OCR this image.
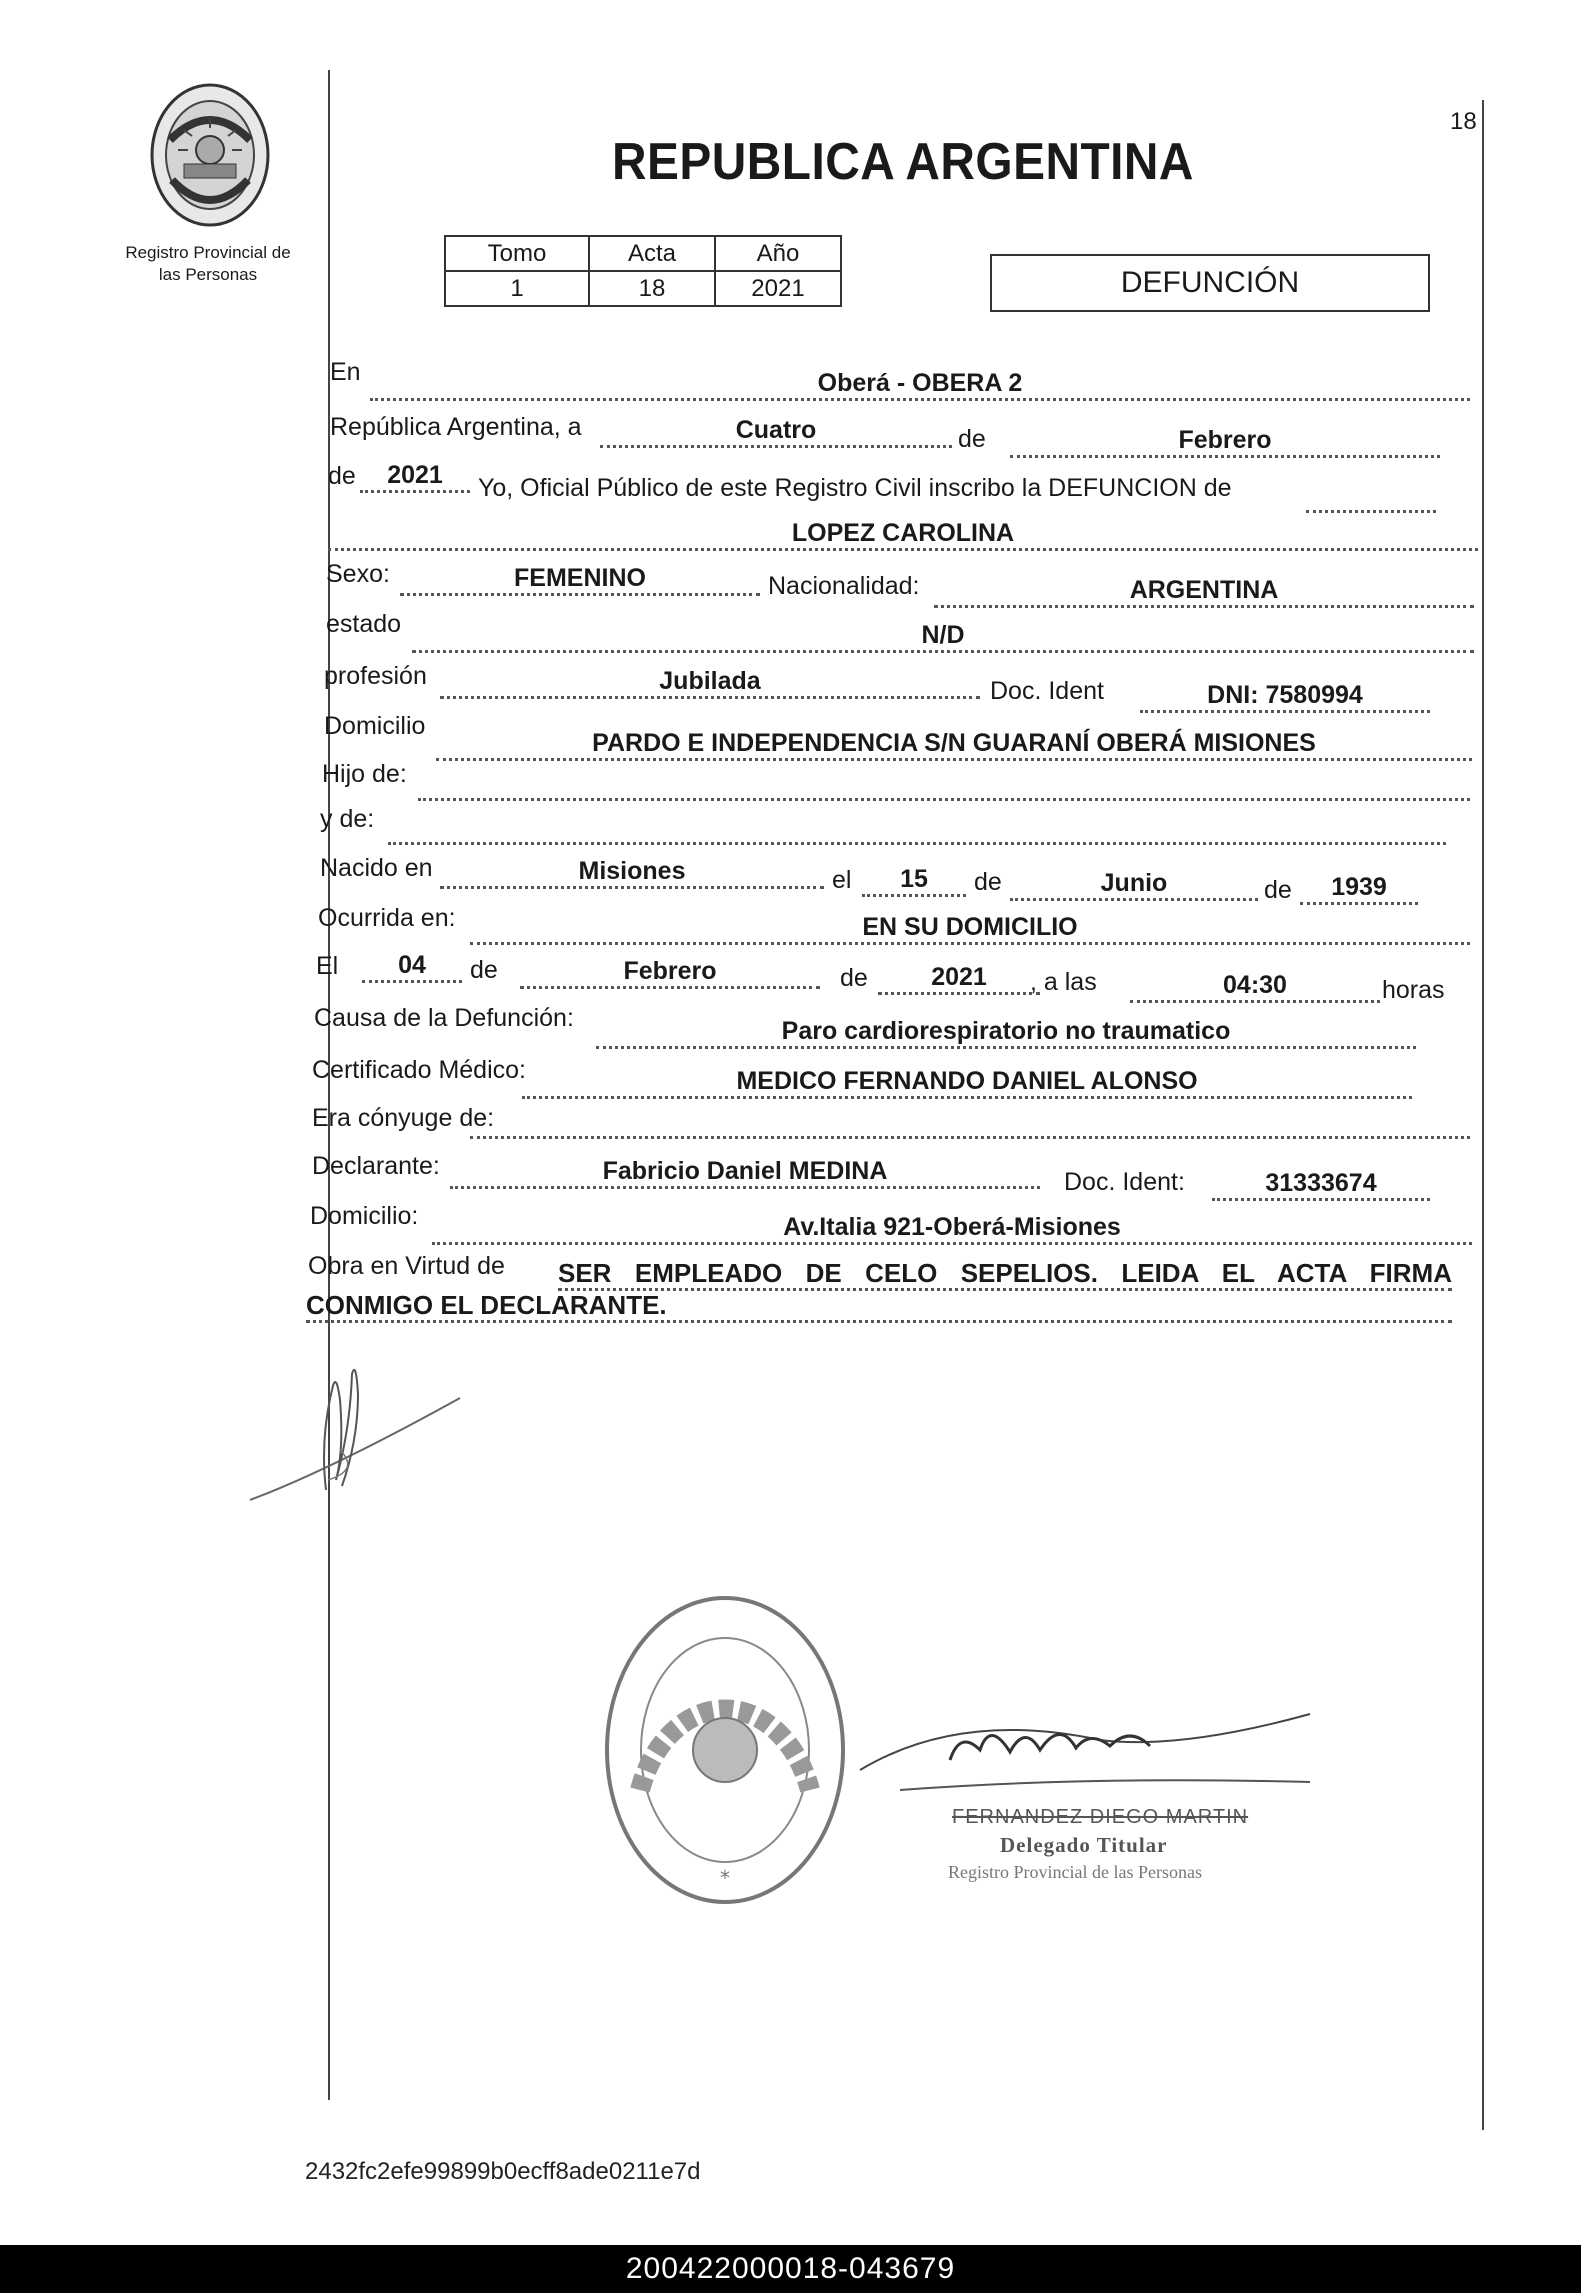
18
Registro Provincial de
las Personas
REPUBLICA ARGENTINA
Tomo	Acta	Año
1	18	2021	DEFUNCIÓN
En	Oberá - OBERA 2
República Argentina, a	Cuatro	de	Febrero
de	2021	Yo, Oficial Público de este Registro Civil inscribo la DEFUNCION de
LOPEZ CAROLINA
Sexo:	FEMENINO	Nacionalidad:	ARGENTINA
estado	N/D
profesión	Jubilada	Doc. Ident	DNI: 7580994
Domicilio
PARDO E INDEPENDENCIA S/N GUARANÍ OBERÁ MISIONES
Hijo de:
y de:
Nacido en	Misiones	el	15	de	Junio	de	1939
Ocurrida en:	EN SU DOMICILIO
El	04	de	Febrero	de	2021	, a las	04:30	horas
Causa de la Defunción:	Paro cardiorespiratorio no traumatico
Certificado Médico:	MEDICO FERNANDO DANIEL ALONSO
Era cónyuge de:
Declarante:	Fabricio Daniel MEDINA	Doc. Ident:	31333674
Domicilio:	Av.Italia 921-Oberá-Misiones
Obra en Virtud de SER EMPLEADO DE CELO SEPELIOS. LEIDA EL ACTA FIRMA
CONMIGO EL DECLARANTE.
*
FERNANDEZ DIEGO MARTIN
Delegado Titular
Registro Provincial de las Personas
2432fc2efe99899b0ecff8ade0211e7d
200422000018-043679
